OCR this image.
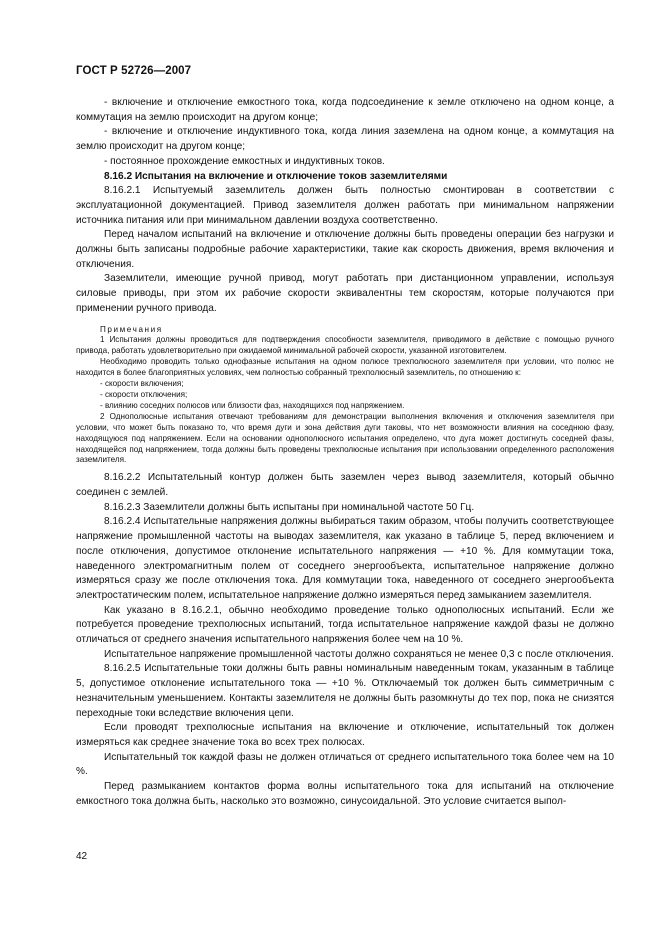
ГОСТ Р 52726—2007

- включение и отключение емкостного тока, когда подсоединение к земле отключено на одном конце, а коммутация на землю происходит на другом конце;

- включение и отключение индуктивного тока, когда линия заземлена на одном конце, а коммутация на землю происходит на другом конце;

- постоянное прохождение емкостных и индуктивных токов.

8.16.2 Испытания на включение и отключение токов заземлителями

8.16.2.1 Испытуемый заземлитель должен быть полностью смонтирован в соответствии с эксплуатационной документацией. Привод заземлителя должен работать при минимальном напряжении источника питания или при минимальном давлении воздуха соответственно.

Перед началом испытаний на включение и отключение должны быть проведены операции без нагрузки и должны быть записаны подробные рабочие характеристики, такие как скорость движения, время включения и отключения.

Заземлители, имеющие ручной привод, могут работать при дистанционном управлении, используя силовые приводы, при этом их рабочие скорости эквивалентны тем скоростям, которые получаются при применении ручного привода.

Примечания

1 Испытания должны проводиться для подтверждения способности заземлителя, приводимого в действие с помощью ручного привода, работать удовлетворительно при ожидаемой минимальной рабочей скорости, указанной изготовителем.

Необходимо проводить только однофазные испытания на одном полюсе трехполюсного заземлителя при условии, что полюс не находится в более благоприятных условиях, чем полностью собранный трехполюсный заземлитель, по отношению к:

- скорости включения;

- скорости отключения;

- влиянию соседних полюсов или близости фаз, находящихся под напряжением.

2 Однополюсные испытания отвечают требованиям для демонстрации выполнения включения и отключения заземлителя при условии, что может быть показано то, что время дуги и зона действия дуги таковы, что нет возможности влияния на соседнюю фазу, находящуюся под напряжением. Если на основании однополюсного испытания определено, что дуга может достигнуть соседней фазы, находящейся под напряжением, тогда должны быть проведены трехполюсные испытания при использовании определенного расположения заземлителя.

8.16.2.2 Испытательный контур должен быть заземлен через вывод заземлителя, который обычно соединен с землей.

8.16.2.3 Заземлители должны быть испытаны при номинальной частоте 50 Гц.

8.16.2.4 Испытательные напряжения должны выбираться таким образом, чтобы получить соответствующее напряжение промышленной частоты на выводах заземлителя, как указано в таблице 5, перед включением и после отключения, допустимое отклонение испытательного напряжения — +10 %. Для коммутации тока, наведенного электромагнитным полем от соседнего энергообъекта, испытательное напряжение должно измеряться сразу же после отключения тока. Для коммутации тока, наведенного от соседнего энергообъекта электростатическим полем, испытательное напряжение должно измеряться перед замыканием заземлителя.

Как указано в 8.16.2.1, обычно необходимо проведение только однополюсных испытаний. Если же потребуется проведение трехполюсных испытаний, тогда испытательное напряжение каждой фазы не должно отличаться от среднего значения испытательного напряжения более чем на 10 %.

Испытательное напряжение промышленной частоты должно сохраняться не менее 0,3 с после отключения.

8.16.2.5 Испытательные токи должны быть равны номинальным наведенным токам, указанным в таблице 5, допустимое отклонение испытательного тока — +10 %. Отключаемый ток должен быть симметричным с незначительным уменьшением. Контакты заземлителя не должны быть разомкнуты до тех пор, пока не снизятся переходные токи вследствие включения цепи.

Если проводят трехполюсные испытания на включение и отключение, испытательный ток должен измеряться как среднее значение тока во всех трех полюсах.

Испытательный ток каждой фазы не должен отличаться от среднего испытательного тока более чем на 10 %.

Перед размыканием контактов форма волны испытательного тока для испытаний на отключение емкостного тока должна быть, насколько это возможно, синусоидальной. Это условие считается выпол-

42
